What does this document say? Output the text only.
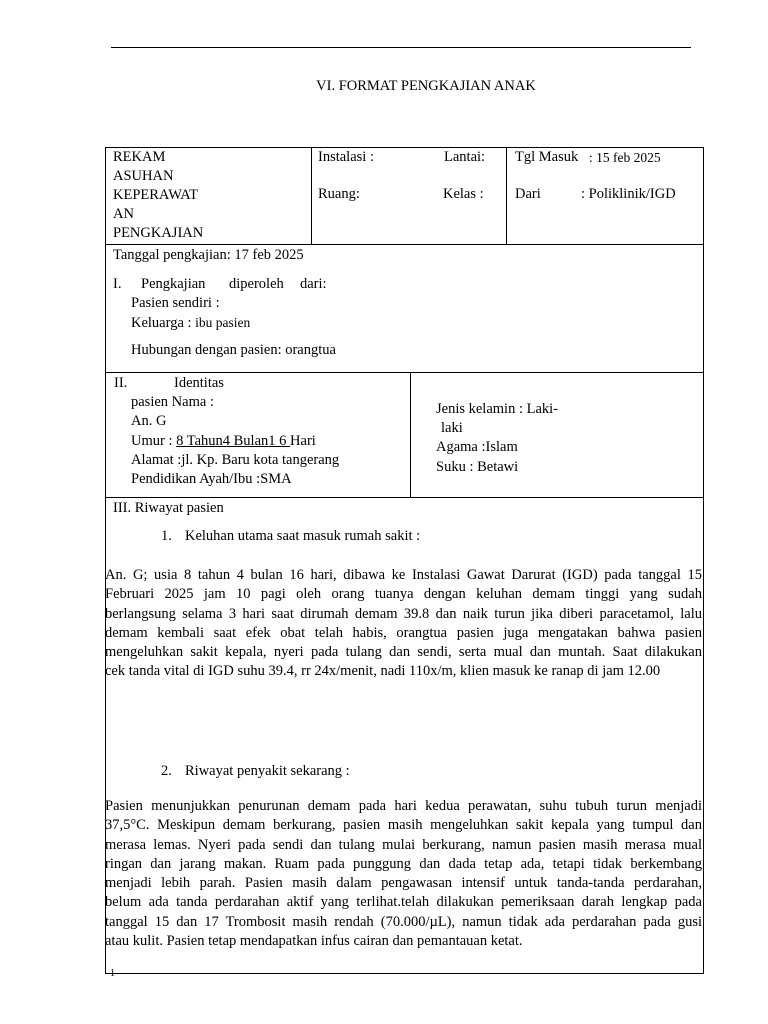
VI. FORMAT PENGKAJIAN ANAK
REKAM
ASUHAN
KEPERAWAT
AN
PENGKAJIAN
Instalasi :	Lantai:
Ruang:	Kelas :
Tgl Masuk : 15 feb 2025
Dari	: Poliklinik/IGD
Tanggal pengkajian: 17 feb 2025
I. Pengkajian diperoleh dari:
Pasien sendiri :
Keluarga : ibu pasien
Hubungan dengan pasien: orangtua
II.	Identitas
pasien Nama :
An. G
Umur : 8 Tahun4 Bulan1 6 Hari
Alamat :jl. Kp. Baru kota tangerang
Pendidikan Ayah/Ibu :SMA
Jenis kelamin : Laki-
laki
Agama :Islam
Suku : Betawi
III. Riwayat pasien
1. Keluhan utama saat masuk rumah sakit :
An. G; usia 8 tahun 4 bulan 16 hari, dibawa ke Instalasi Gawat Darurat (IGD) pada tanggal 15
Februari 2025 jam 10 pagi oleh orang tuanya dengan keluhan demam tinggi yang sudah
berlangsung selama 3 hari saat dirumah demam 39.8 dan naik turun jika diberi paracetamol, lalu
demam kembali saat efek obat telah habis, orangtua pasien juga mengatakan bahwa pasien
mengeluhkan sakit kepala, nyeri pada tulang dan sendi, serta mual dan muntah. Saat dilakukan
cek tanda vital di IGD suhu 39.4, rr 24x/menit, nadi 110x/m, klien masuk ke ranap di jam 12.00
2. Riwayat penyakit sekarang :
Pasien menunjukkan penurunan demam pada hari kedua perawatan, suhu tubuh turun menjadi
37,5°C. Meskipun demam berkurang, pasien masih mengeluhkan sakit kepala yang tumpul dan
merasa lemas. Nyeri pada sendi dan tulang mulai berkurang, namun pasien masih merasa mual
ringan dan jarang makan. Ruam pada punggung dan dada tetap ada, tetapi tidak berkembang
menjadi lebih parah. Pasien masih dalam pengawasan intensif untuk tanda-tanda perdarahan,
belum ada tanda perdarahan aktif yang terlihat.telah dilakukan pemeriksaan darah lengkap pada
tanggal 15 dan 17 Trombosit masih rendah (70.000/µL), namun tidak ada perdarahan pada gusi
atau kulit. Pasien tetap mendapatkan infus cairan dan pemantauan ketat.
1
